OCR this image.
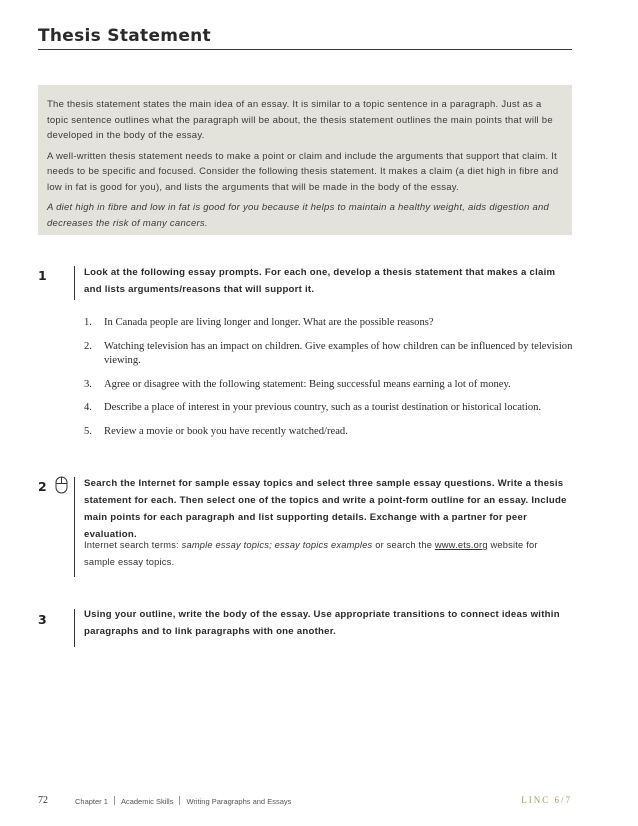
Thesis Statement

The thesis statement states the main idea of an essay. It is similar to a topic sentence in a paragraph. Just as a topic sentence outlines what the paragraph will be about, the thesis statement outlines the main points that will be developed in the body of the essay.

A well-written thesis statement needs to make a point or claim and include the arguments that support that claim. It needs to be specific and focused. Consider the following thesis statement. It makes a claim (a diet high in fibre and low in fat is good for you), and lists the arguments that will be made in the body of the essay.

A diet high in fibre and low in fat is good for you because it helps to maintain a healthy weight, aids digestion and decreases the risk of many cancers.

1	Look at the following essay prompts. For each one, develop a thesis statement that makes a claim and lists arguments/reasons that will support it.
1.	In Canada people are living longer and longer. What are the possible reasons?
2.	Watching television has an impact on children. Give examples of how children can be influenced by television viewing.
3.	Agree or disagree with the following statement: Being successful means earning a lot of money.
4.	Describe a place of interest in your previous country, such as a tourist destination or historical location.
5.	Review a movie or book you have recently watched/read.
2	Search the Internet for sample essay topics and select three sample essay questions. Write a thesis statement for each. Then select one of the topics and write a point-form outline for an essay. Include main points for each paragraph and list supporting details. Exchange with a partner for peer evaluation.
Internet search terms: sample essay topics; essay topics examples or search the www.ets.org website for sample essay topics.
3	Using your outline, write the body of the essay. Use appropriate transitions to connect ideas within paragraphs and to link paragraphs with one another.
72	Chapter 1 Academic Skills Writing Paragraphs and Essays	LINC 6/7
